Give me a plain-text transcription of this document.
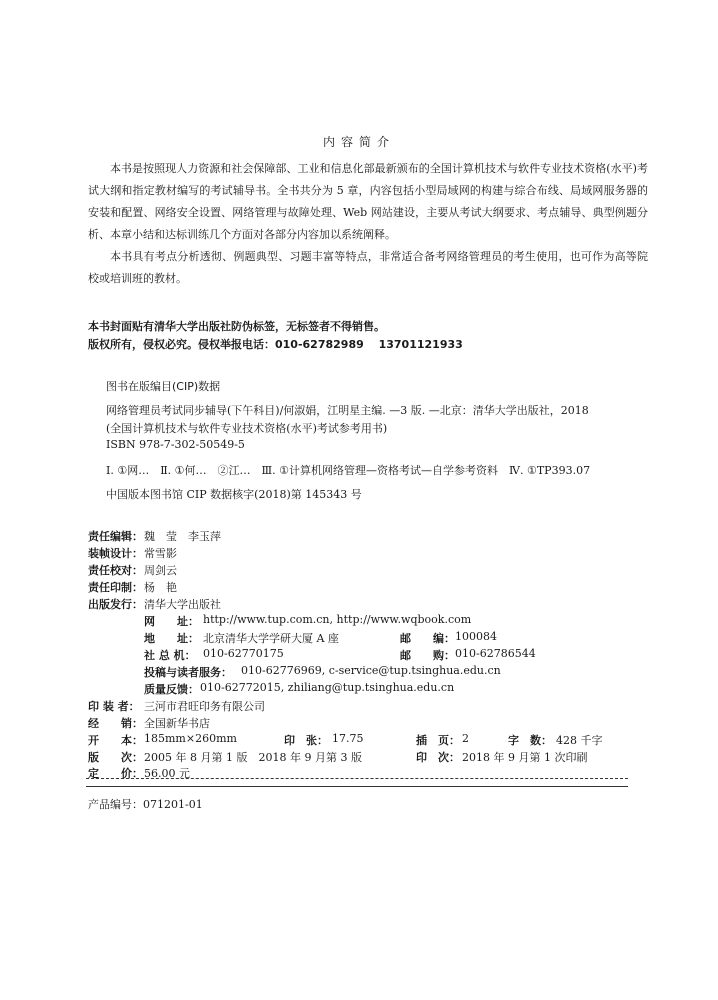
内容简介

本书是按照现人力资源和社会保障部、工业和信息化部最新颁布的全国计算机技术与软件专业技术资格(水平)考试大纲和指定教材编写的考试辅导书。全书共分为 5 章，内容包括小型局域网的构建与综合布线、局域网服务器的安装和配置、网络安全设置、网络管理与故障处理、Web 网站建设，主要从考试大纲要求、考点辅导、典型例题分析、本章小结和达标训练几个方面对各部分内容加以系统阐释。

本书具有考点分析透彻、例题典型、习题丰富等特点，非常适合备考网络管理员的考生使用，也可作为高等院校或培训班的教材。

本书封面贴有清华大学出版社防伪标签，无标签者不得销售。
版权所有，侵权必究。侵权举报电话：010-62782989　 13701121933
图书在版编目(CIP)数据
网络管理员考试同步辅导(下午科目)/何淑娟，江明星主编. —3 版. —北京：清华大学出版社，2018
(全国计算机技术与软件专业技术资格(水平)考试参考用书)
ISBN 978-7-302-50549-5
Ⅰ. ①网…　Ⅱ. ①何…　②江…　Ⅲ. ①计算机网络管理—资格考试—自学参考资料　Ⅳ. ①TP393.07
中国版本图书馆 CIP 数据核字(2018)第 145343 号
责任编辑： 魏　莹　李玉萍
装帧设计： 常雪影
责任校对： 周剑云
责任印制： 杨　艳
出版发行： 清华大学出版社
网　　址： http://www.tup.com.cn, http://www.wqbook.com
地　　址： 北京清华大学学研大厦 A 座	邮　　编： 100084
社 总 机： 010-62770175	邮　　购： 010-62786544
投稿与读者服务： 010-62776969, c-service@tup.tsinghua.edu.cn
质量反馈： 010-62772015, zhiliang@tup.tsinghua.edu.cn
印 装 者： 三河市君旺印务有限公司
经　　销： 全国新华书店
开　　本： 185mm×260mm	印　张： 17.75	插　页： 2	字　数： 428 千字
版　　次： 2005 年 8 月第 1 版　2018 年 9 月第 3 版	印　次： 2018 年 9 月第 1 次印刷
定　　价： 56.00 元
产品编号：071201-01
